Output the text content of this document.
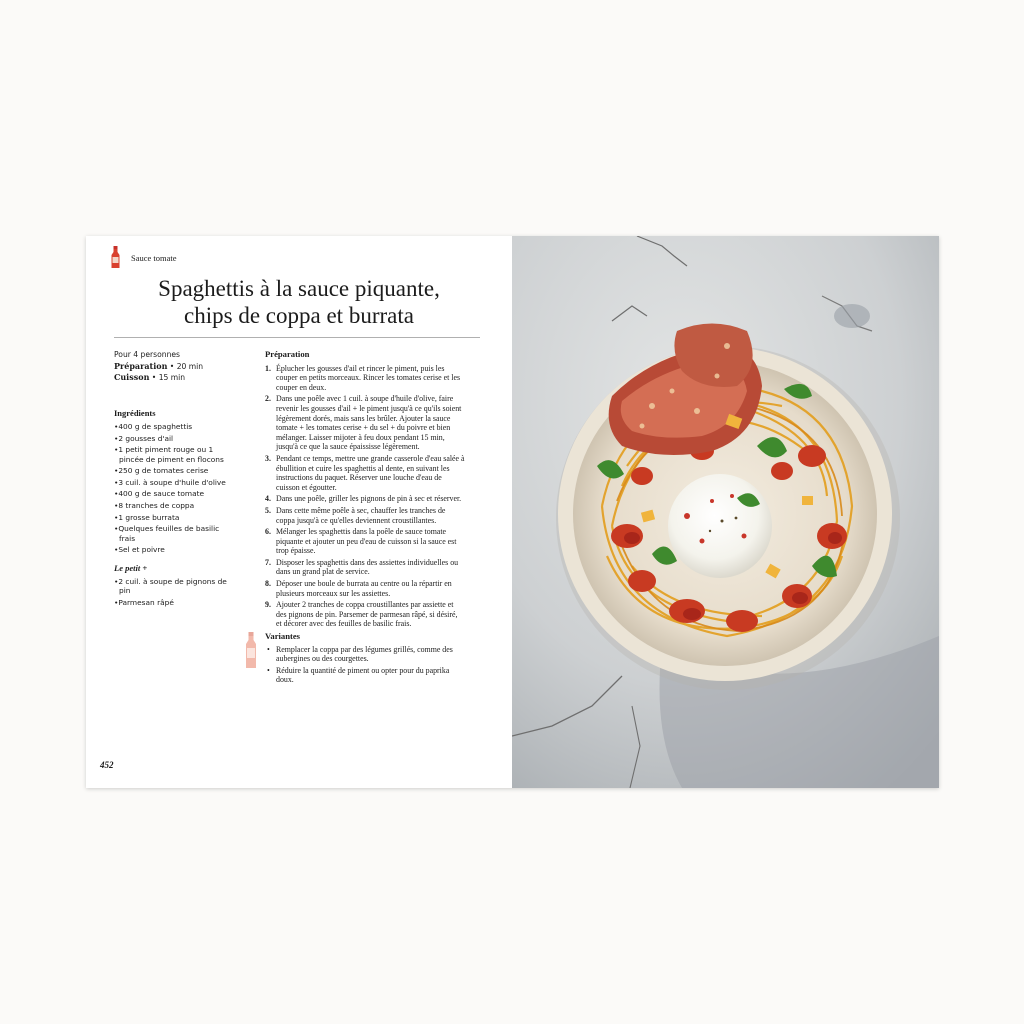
Sauce tomate
Spaghettis à la sauce piquante,
chips de coppa et burrata
Pour 4 personnes
Préparation • 20 min
Cuisson • 15 min
Ingrédients
• 400 g de spaghettis
• 2 gousses d'ail
• 1 petit piment rouge ou 1 pincée de piment en flocons
• 250 g de tomates cerise
• 3 cuil. à soupe d'huile d'olive
• 400 g de sauce tomate
• 8 tranches de coppa
• 1 grosse burrata
• Quelques feuilles de basilic frais
• Sel et poivre
Le petit +
• 2 cuil. à soupe de pignons de pin
• Parmesan râpé
Préparation
1. Éplucher les gousses d'ail et rincer le piment, puis les couper en petits morceaux. Rincer les tomates cerise et les couper en deux.
2. Dans une poêle avec 1 cuil. à soupe d'huile d'olive, faire revenir les gousses d'ail + le piment jusqu'à ce qu'ils soient légèrement dorés, mais sans les brûler. Ajouter la sauce tomate + les tomates cerise + du sel + du poivre et bien mélanger. Laisser mijoter à feu doux pendant 15 min, jusqu'à ce que la sauce épaississe légèrement.
3. Pendant ce temps, mettre une grande casserole d'eau salée à ébullition et cuire les spaghettis al dente, en suivant les instructions du paquet. Réserver une louche d'eau de cuisson et égoutter.
4. Dans une poêle, griller les pignons de pin à sec et réserver.
5. Dans cette même poêle à sec, chauffer les tranches de coppa jusqu'à ce qu'elles deviennent croustillantes.
6. Mélanger les spaghettis dans la poêle de sauce tomate piquante et ajouter un peu d'eau de cuisson si la sauce est trop épaisse.
7. Disposer les spaghettis dans des assiettes individuelles ou dans un grand plat de service.
8. Déposer une boule de burrata au centre ou la répartir en plusieurs morceaux sur les assiettes.
9. Ajouter 2 tranches de coppa croustillantes par assiette et des pignons de pin. Parsemer de parmesan râpé, si désiré, et décorer avec des feuilles de basilic frais.
Variantes
• Remplacer la coppa par des légumes grillés, comme des aubergines ou des courgettes.
• Réduire la quantité de piment ou opter pour du paprika doux.
452
